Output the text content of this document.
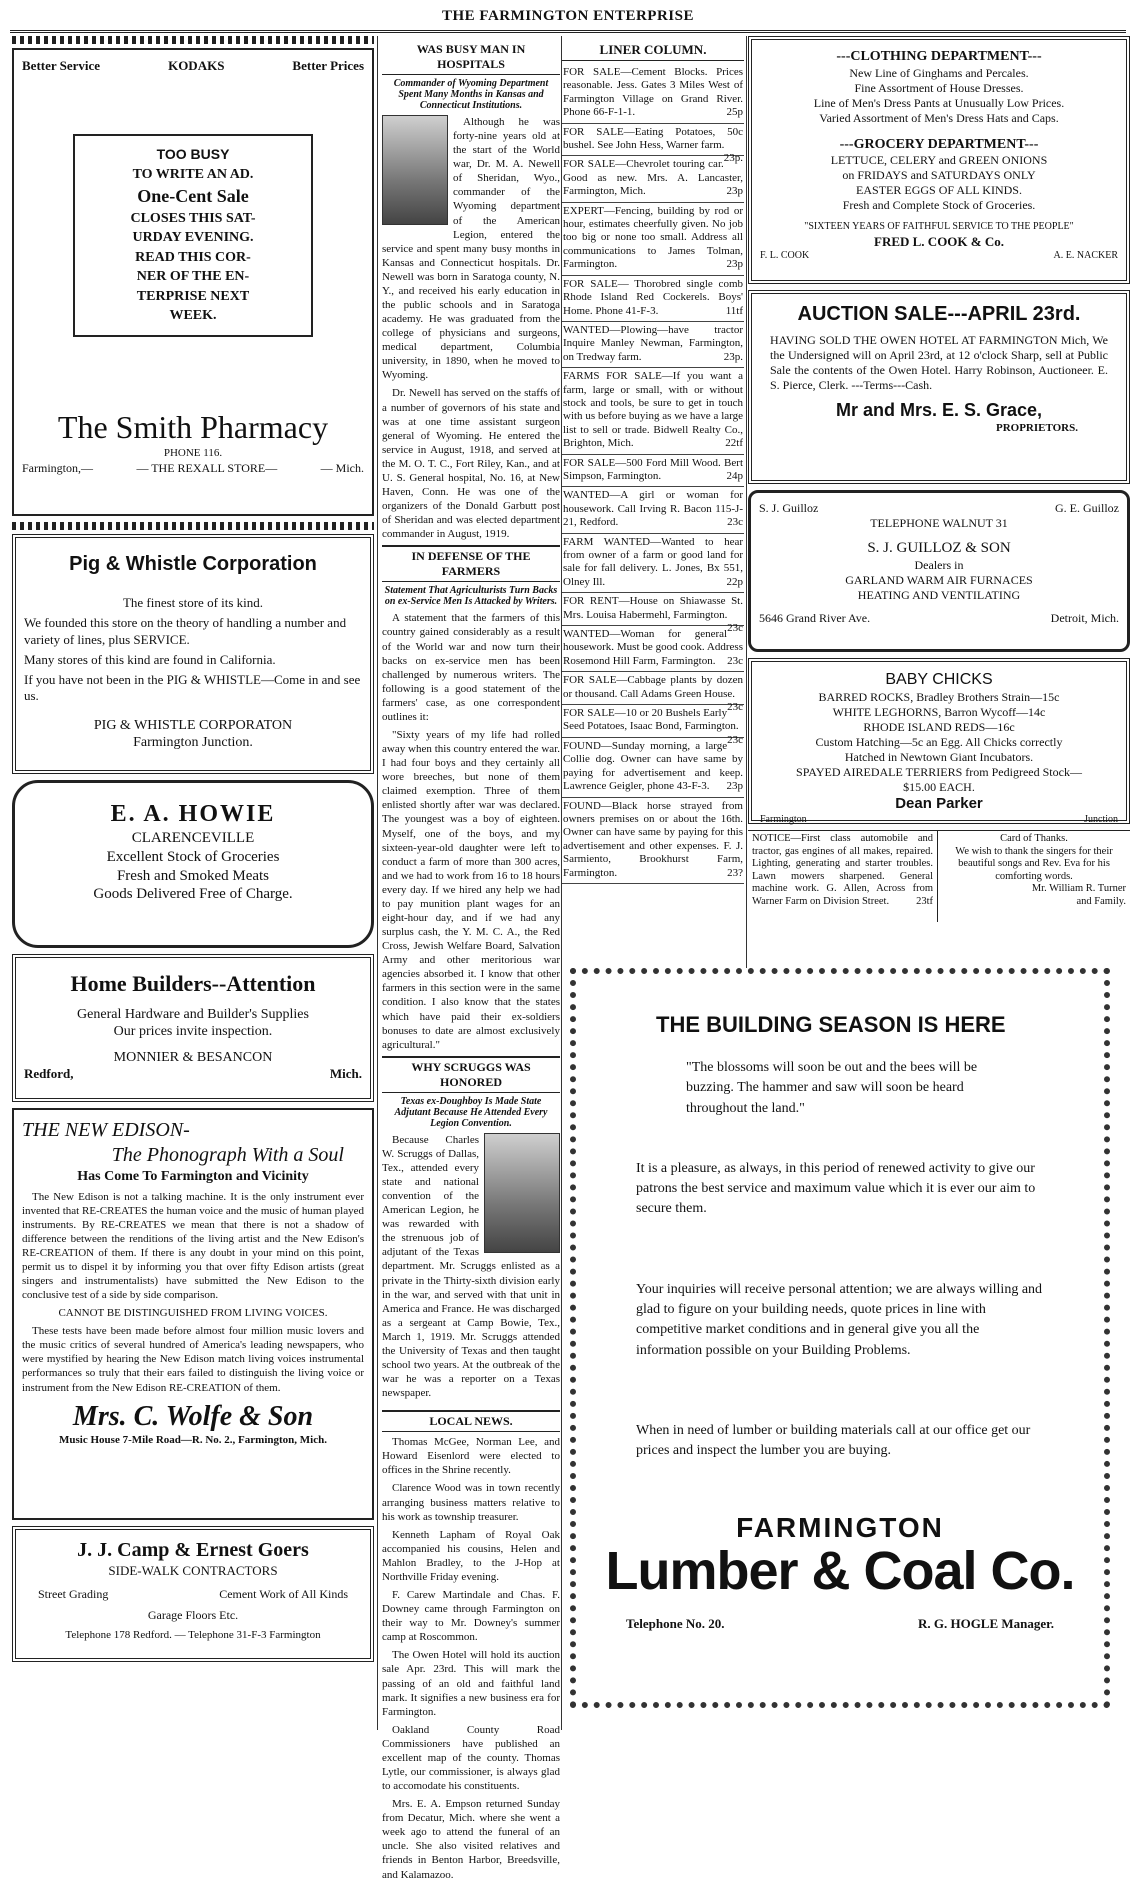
THE FARMINGTON ENTERPRISE
Better Service	KODAKS	Better Prices

TOO BUSY

TO WRITE AN AD.

One-Cent Sale

CLOSES THIS SAT-

URDAY EVENING.

READ THIS COR-

NER OF THE EN-

TERPRISE NEXT

WEEK.

The Smith Pharmacy
PHONE 116.
Farmington,—	— THE REXALL STORE—	— Mich.
Pig & Whistle Corporation

The finest store of its kind.

We founded this store on the theory of handling a number and variety of lines, plus SERVICE.

Many stores of this kind are found in California.

If you have not been in the PIG & WHISTLE—Come in and see us.

PIG & WHISTLE CORPORATON

Farmington Junction.

E. A. HOWIE
CLARENCEVILLE
Excellent Stock of Groceries
Fresh and Smoked Meats
Goods Delivered Free of Charge.
Home Builders--Attention
General Hardware and Builder's Supplies
Our prices invite inspection.
MONNIER & BESANCON
Redford,	Mich.
THE NEW EDISON-
The Phonograph With a Soul
Has Come To Farmington and Vicinity

The New Edison is not a talking machine. It is the only instrument ever invented that RE-CREATES the human voice and the music of human played instruments. By RE-CREATES we mean that there is not a shadow of difference between the renditions of the living artist and the New Edison's RE-CREATION of them. If there is any doubt in your mind on this point, permit us to dispel it by informing you that over fifty Edison artists (great singers and instrumentalists) have submitted the New Edison to the conclusive test of a side by side comparison.

CANNOT BE DISTINGUISHED FROM LIVING VOICES.

These tests have been made before almost four million music lovers and the music critics of several hundred of America's leading newspapers, who were mystified by hearing the New Edison match living voices instrumental performances so truly that their ears failed to distinguish the living voice or instrument from the New Edison RE-CREATION of them.

Mrs. C. Wolfe & Son
Music House 7-Mile Road—R. No. 2., Farmington, Mich.
J. J. Camp & Ernest Goers
SIDE-WALK CONTRACTORS
Street Grading	Cement Work of All Kinds
Garage Floors Etc.
Telephone 178 Redford. — Telephone 31-F-3 Farmington
WAS BUSY MAN IN HOSPITALS
Commander of Wyoming Department Spent Many Months in Kansas and Connecticut Institutions.

Although he was forty-nine years old at the start of the World war, Dr. M. A. Newell of Sheridan, Wyo., commander of the Wyoming department of the American Legion, entered the service and spent many busy months in Kansas and Connecticut hospitals. Dr. Newell was born in Saratoga county, N. Y., and received his early education in the public schools and in Saratoga academy. He was graduated from the college of physicians and surgeons, medical department, Columbia university, in 1890, when he moved to Wyoming.

Dr. Newell has served on the staffs of a number of governors of his state and was at one time assistant surgeon general of Wyoming. He entered the service in August, 1918, and served at the M. O. T. C., Fort Riley, Kan., and at U. S. General hospital, No. 16, at New Haven, Conn. He was one of the organizers of the Donald Garbutt post of Sheridan and was elected department commander in August, 1919.

IN DEFENSE OF THE FARMERS
Statement That Agriculturists Turn Backs on ex-Service Men Is Attacked by Writers.

A statement that the farmers of this country gained considerably as a result of the World war and now turn their backs on ex-service men has been challenged by numerous writers. The following is a good statement of the farmers' case, as one correspondent outlines it:

"Sixty years of my life had rolled away when this country entered the war. I had four boys and they certainly all wore breeches, but none of them claimed exemption. Three of them enlisted shortly after war was declared. The youngest was a boy of eighteen. Myself, one of the boys, and my sixteen-year-old daughter were left to conduct a farm of more than 300 acres, and we had to work from 16 to 18 hours every day. If we hired any help we had to pay munition plant wages for an eight-hour day, and if we had any surplus cash, the Y. M. C. A., the Red Cross, Jewish Welfare Board, Salvation Army and other meritorious war agencies absorbed it. I know that other farmers in this section were in the same condition. I also know that the states which have paid their ex-soldiers bonuses to date are almost exclusively agricultural."

WHY SCRUGGS WAS HONORED
Texas ex-Doughboy Is Made State Adjutant Because He Attended Every Legion Convention.

Because Charles W. Scruggs of Dallas, Tex., attended every state and national convention of the American Legion, he was rewarded with the strenuous job of adjutant of the Texas department. Mr. Scruggs enlisted as a private in the Thirty-sixth division early in the war, and served with that unit in America and France. He was discharged as a sergeant at Camp Bowie, Tex., March 1, 1919. Mr. Scruggs attended the University of Texas and then taught school two years. At the outbreak of the war he was a reporter on a Texas newspaper.

LOCAL NEWS.

Thomas McGee, Norman Lee, and Howard Eisenlord were elected to offices in the Shrine recently.

Clarence Wood was in town recently arranging business matters relative to his work as township treasurer.

Kenneth Lapham of Royal Oak accompanied his cousins, Helen and Mahlon Bradley, to the J-Hop at Northville Friday evening.

F. Carew Martindale and Chas. F. Downey came through Farmington on their way to Mr. Downey's summer camp at Roscommon.

The Owen Hotel will hold its auction sale Apr. 23rd. This will mark the passing of an old and faithful land mark. It signifies a new business era for Farmington.

Oakland County Road Commissioners have published an excellent map of the county. Thomas Lytle, our commissioner, is always glad to accomodate his constituents.

Mrs. E. A. Empson returned Sunday from Decatur, Mich. where she went a week ago to attend the funeral of an uncle. She also visited relatives and friends in Benton Harbor, Breedsville, and Kalamazoo.

LINER COLUMN.
FOR SALE—Cement Blocks. Prices reasonable. Jess. Gates 3 Miles West of Farmington Village on Grand River. Phone 66-F-1-1.	25p
FOR SALE—Eating Potatoes, 50c bushel. See John Hess, Warner farm.
23p.
FOR SALE—Chevrolet touring car. Good as new. Mrs. A. Lancaster, Farmington, Mich.	23p
EXPERT—Fencing, building by rod or hour, estimates cheerfully given. No job too big or none too small. Address all communications to James Tolman, Farmington.	23p
FOR SALE— Thorobred single comb Rhode Island Red Cockerels. Boys' Home. Phone 41-F-3.	11tf
WANTED—Plowing—have tractor Inquire Manley Newman, Farmington, on Tredway farm.	23p.
FARMS FOR SALE—If you want a farm, large or small, with or without stock and tools, be sure to get in touch with us before buying as we have a large list to sell or trade. Bidwell Realty Co., Brighton, Mich.	22tf
FOR SALE—500 Ford Mill Wood. Bert Simpson, Farmington.	24p
WANTED—A girl or woman for housework. Call Irving R. Bacon 115-J-21, Redford.	23c
FARM WANTED—Wanted to hear from owner of a farm or good land for sale for fall delivery. L. Jones, Bx 551, Olney Ill.	22p
FOR RENT—House on Shiawasse St. Mrs. Louisa Habermehl, Farmington.
23c
WANTED—Woman for general housework. Must be good cook. Address Rosemond Hill Farm, Farmington. 23c
FOR SALE—Cabbage plants by dozen or thousand. Call Adams Green House.
23c
FOR SALE—10 or 20 Bushels Early Seed Potatoes, Isaac Bond, Farmington.
23c
FOUND—Sunday morning, a large Collie dog. Owner can have same by paying for advertisement and keep. Lawrence Geigler, phone 43-F-3. 23p
FOUND—Black horse strayed from owners premises on or about the 16th. Owner can have same by paying for this advertisement and other expenses. F. J. Sarmiento, Brookhurst Farm, Farmington.	23?
---CLOTHING DEPARTMENT---
New Line of Ginghams and Percales.
Fine Assortment of House Dresses.
Line of Men's Dress Pants at Unusually Low Prices.
Varied Assortment of Men's Dress Hats and Caps.
---GROCERY DEPARTMENT---
LETTUCE, CELERY and GREEN ONIONS
on FRIDAYS and SATURDAYS ONLY
EASTER EGGS OF ALL KINDS.
Fresh and Complete Stock of Groceries.
"SIXTEEN YEARS OF FAITHFUL SERVICE TO THE PEOPLE"
FRED L. COOK & Co.
F. L. COOK	A. E. NACKER
AUCTION SALE---APRIL 23rd.
HAVING SOLD THE OWEN HOTEL AT FARMINGTON Mich, We the Undersigned will on April 23rd, at 12 o'clock Sharp, sell at Public Sale the contents of the Owen Hotel. Harry Robinson, Auctioneer. E. S. Pierce, Clerk. ---Terms---Cash.
Mr and Mrs. E. S. Grace,
PROPRIETORS.
S. J. Guilloz	G. E. Guilloz
TELEPHONE WALNUT 31
S. J. GUILLOZ & SON
Dealers in
GARLAND WARM AIR FURNACES
HEATING AND VENTILATING
5646 Grand River Ave.	Detroit, Mich.
BABY CHICKS
BARRED ROCKS, Bradley Brothers Strain—15c
WHITE LEGHORNS, Barron Wycoff—14c
RHODE ISLAND REDS—16c
Custom Hatching—5c an Egg. All Chicks correctly
Hatched in Newtown Giant Incubators.
SPAYED AIREDALE TERRIERS from Pedigreed Stock—
$15.00 EACH.
Dean Parker
Farmington	Junction
NOTICE—First class automobile and tractor, gas engines of all makes, repaired. Lighting, generating and starter troubles. Lawn mowers sharpened. General machine work. G. Allen, Across from Warner Farm on Division Street.	23tf
Card of Thanks.
We wish to thank the singers for their beautiful songs and Rev. Eva for his comforting words.
Mr. William R. Turner
and Family.
THE BUILDING SEASON IS HERE

"The blossoms will soon be out and the bees will be buzzing. The hammer and saw will soon be heard throughout the land."

It is a pleasure, as always, in this period of renewed activity to give our patrons the best service and maximum value which it is ever our aim to secure them.

Your inquiries will receive personal attention; we are always willing and glad to figure on your building needs, quote prices in line with competitive market conditions and in general give you all the information possible on your Building Problems.

When in need of lumber or building materials call at our office get our prices and inspect the lumber you are buying.

FARMINGTON
Lumber & Coal Co.
Telephone No. 20.	R. G. HOGLE Manager.
